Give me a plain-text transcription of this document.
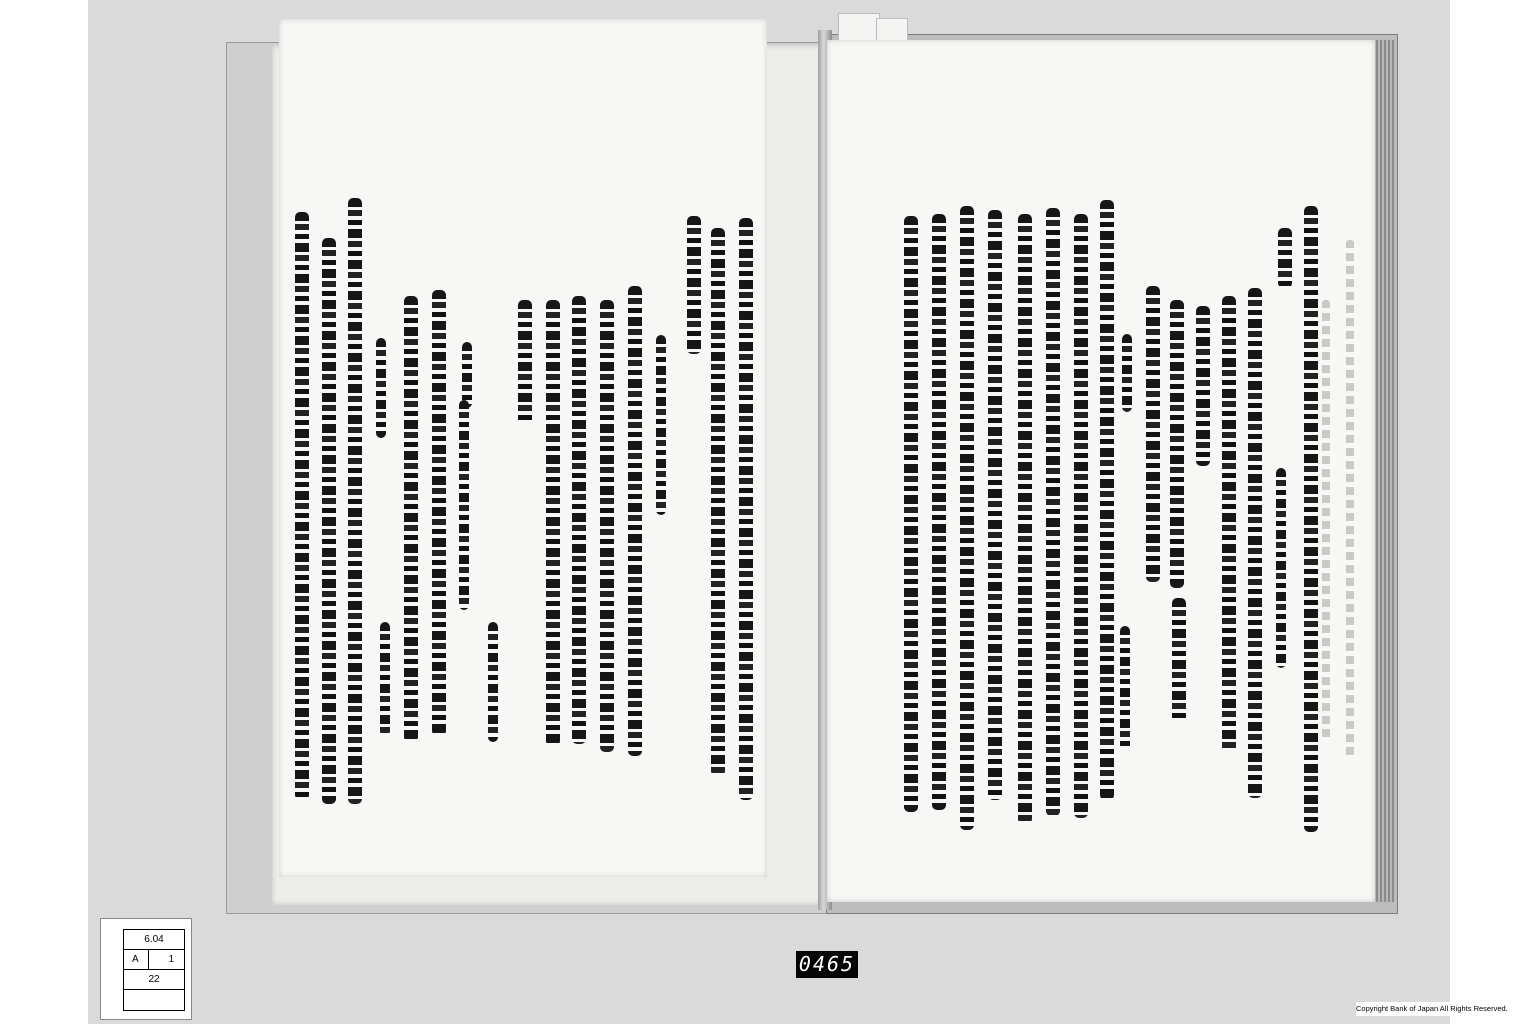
6.04
A	1
22
0465
Copyright Bank of Japan All Rights Reserved.
